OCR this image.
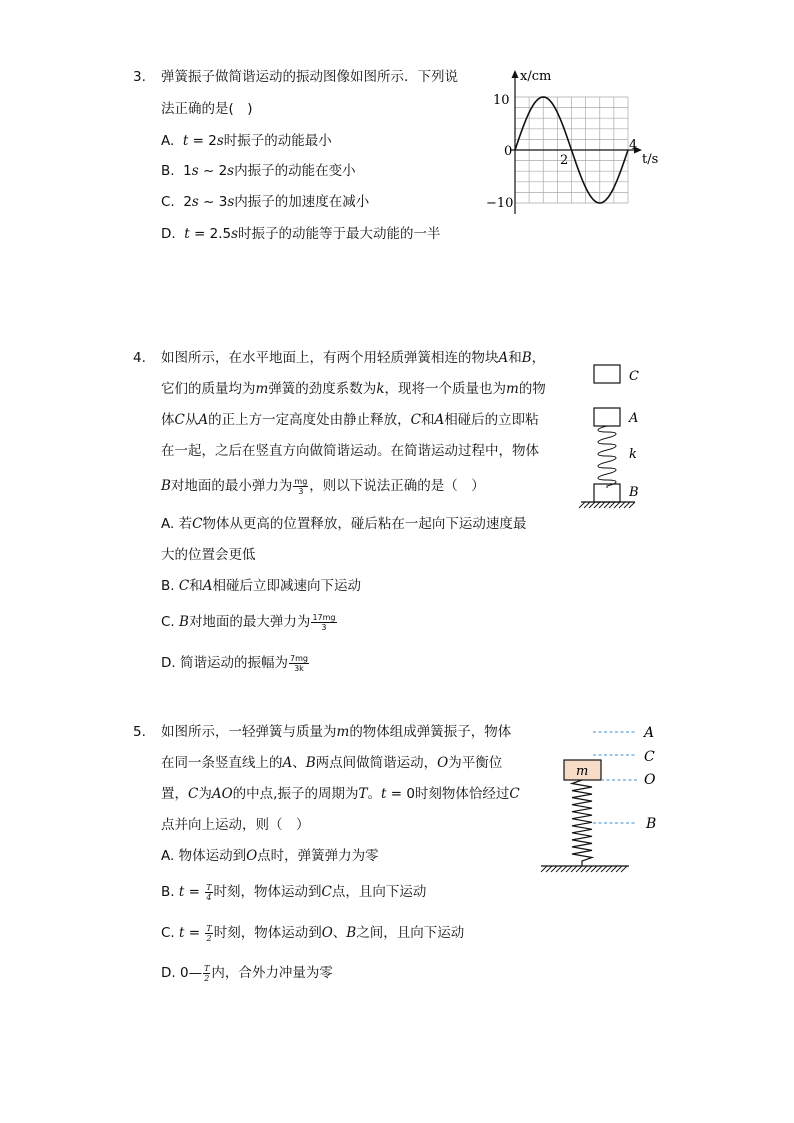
3. 弹簧振子做简谐运动的振动图像如图所示．下列说
法正确的是(　)
A. t = 2s时振子的动能最小
B. 1s ~ 2s内振子的动能在变小
C. 2s ~ 3s内振子的加速度在减小
D. t = 2.5s时振子的动能等于最大动能的一半
x/cm
t/s
10
0
−10
2
4
4. 如图所示，在水平地面上，有两个用轻质弹簧相连的物块A和B，
它们的质量均为m弹簧的劲度系数为k，现将一个质量也为m的物
体C从A的正上方一定高度处由静止释放，C和A相碰后的立即粘
在一起，之后在竖直方向做简谐运动。在简谐运动过程中，物体
B对地面的最小弹力为 $\frac{mg}{3}$ ，则以下说法正确的是（　）
A. 若C物体从更高的位置释放，碰后粘在一起向下运动速度最
大的位置会更低
B. C和A相碰后立即减速向下运动
C. B对地面的最大弹力为 $\frac{17mg}{3}$
D. 简谐运动的振幅为 $\frac{7mg}{3k}$
C
A
k
B
5. 如图所示，一轻弹簧与质量为m的物体组成弹簧振子，物体
在同一条竖直线上的A、B两点间做简谐运动，O为平衡位
置，C为AO的中点,振子的周期为T。t = 0时刻物体恰经过C
点并向上运动，则（　）
A. 物体运动到O点时，弹簧弹力为零
B. $t = \frac{T}{4}$ 时刻，物体运动到C点，且向下运动
C. $t = \frac{T}{2}$ 时刻，物体运动到O、B之间，且向下运动
D. 0— $\frac{T}{2}$ 内，合外力冲量为零
A
C
m
O
B
